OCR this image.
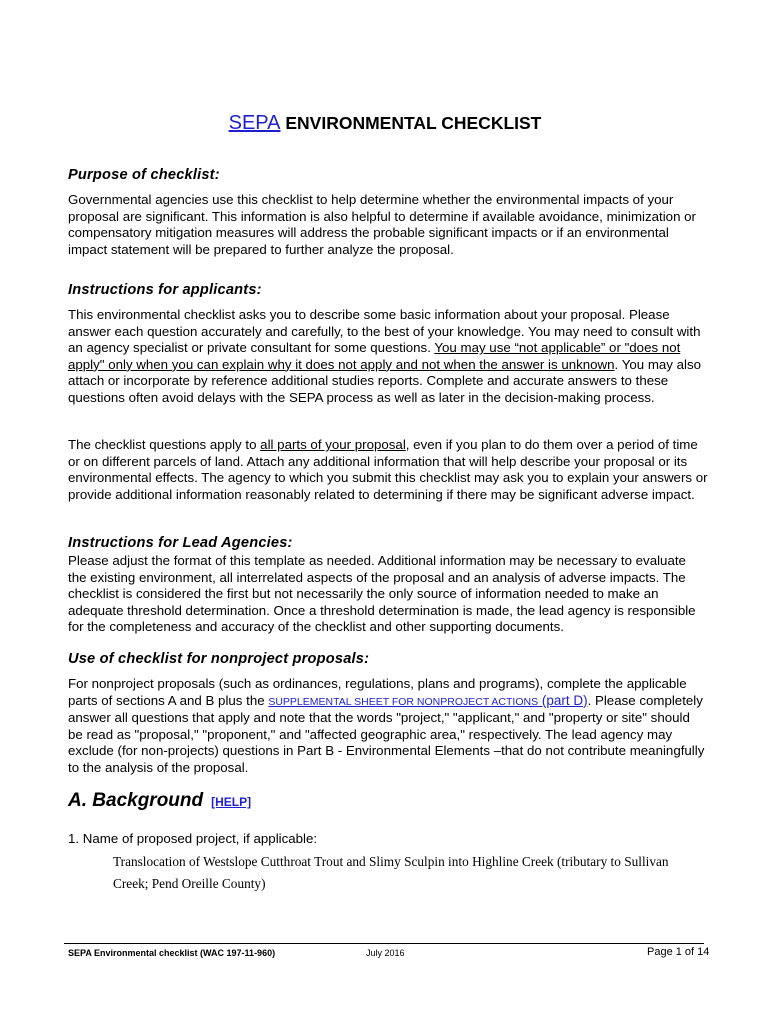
SEPA ENVIRONMENTAL CHECKLIST
Purpose of checklist:

Governmental agencies use this checklist to help determine whether the environmental impacts of your proposal are significant. This information is also helpful to determine if available avoidance, minimization or compensatory mitigation measures will address the probable significant impacts or if an environmental impact statement will be prepared to further analyze the proposal.

Instructions for applicants:

This environmental checklist asks you to describe some basic information about your proposal. Please answer each question accurately and carefully, to the best of your knowledge. You may need to consult with an agency specialist or private consultant for some questions. You may use “not applicable” or "does not apply" only when you can explain why it does not apply and not when the answer is unknown. You may also attach or incorporate by reference additional studies reports. Complete and accurate answers to these questions often avoid delays with the SEPA process as well as later in the decision-making process.

The checklist questions apply to all parts of your proposal, even if you plan to do them over a period of time or on different parcels of land. Attach any additional information that will help describe your proposal or its environmental effects. The agency to which you submit this checklist may ask you to explain your answers or provide additional information reasonably related to determining if there may be significant adverse impact.

Instructions for Lead Agencies:

Please adjust the format of this template as needed. Additional information may be necessary to evaluate the existing environment, all interrelated aspects of the proposal and an analysis of adverse impacts. The checklist is considered the first but not necessarily the only source of information needed to make an adequate threshold determination. Once a threshold determination is made, the lead agency is responsible for the completeness and accuracy of the checklist and other supporting documents.

Use of checklist for nonproject proposals:

For nonproject proposals (such as ordinances, regulations, plans and programs), complete the applicable parts of sections A and B plus the SUPPLEMENTAL SHEET FOR NONPROJECT ACTIONS (part D). Please completely answer all questions that apply and note that the words "project," "applicant," and "property or site" should be read as "proposal," "proponent," and "affected geographic area," respectively. The lead agency may exclude (for non-projects) questions in Part B - Environmental Elements –that do not contribute meaningfully to the analysis of the proposal.

A. Background [HELP]
1. Name of proposed project, if applicable:
Translocation of Westslope Cutthroat Trout and Slimy Sculpin into Highline Creek (tributary to Sullivan Creek; Pend Oreille County)
SEPA Environmental checklist (WAC 197-11-960)	July 2016	Page 1 of 14
